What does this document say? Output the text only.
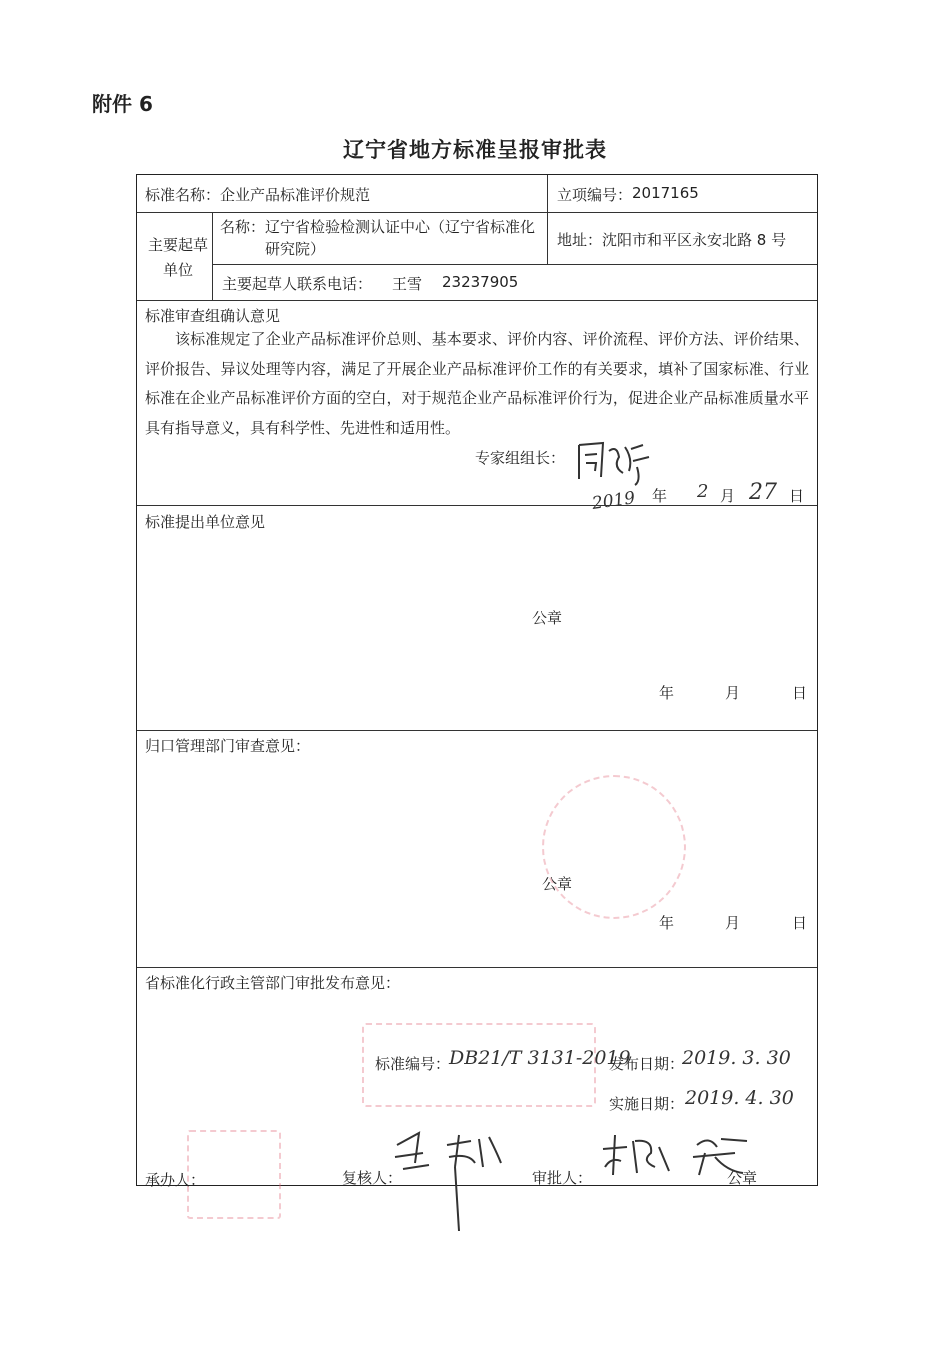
附件 6
辽宁省地方标准呈报审批表
标准名称： 企业产品标准评价规范	立项编号： 2017165
主要起草单位
名称： 辽宁省检验检测认证中心（辽宁省标准化研究院）	地址： 沈阳市和平区永安北路 8 号
主要起草人联系电话： 王雪 23237905
标准审查组确认意见
该标准规定了企业产品标准评价总则、基本要求、评价内容、评价流程、评价方法、评价结果、评价报告、异议处理等内容，满足了开展企业产品标准评价工作的有关要求，填补了国家标准、行业标准在企业产品标准评价方面的空白，对于规范企业产品标准评价行为，促进企业产品标准质量水平具有指导意义，具有科学性、先进性和适用性。
专家组组长：
2019 年 2 月 27 日
标准提出单位意见
公章
年	月	日
归口管理部门审查意见：
公章
年	月	日
省标准化行政主管部门审批发布意见：
标准编号：
DB21/T 3131-2019
发布日期：
2019. 3. 30
实施日期： 2019. 4. 30
承办人：	复核人：	审批人：	公章
